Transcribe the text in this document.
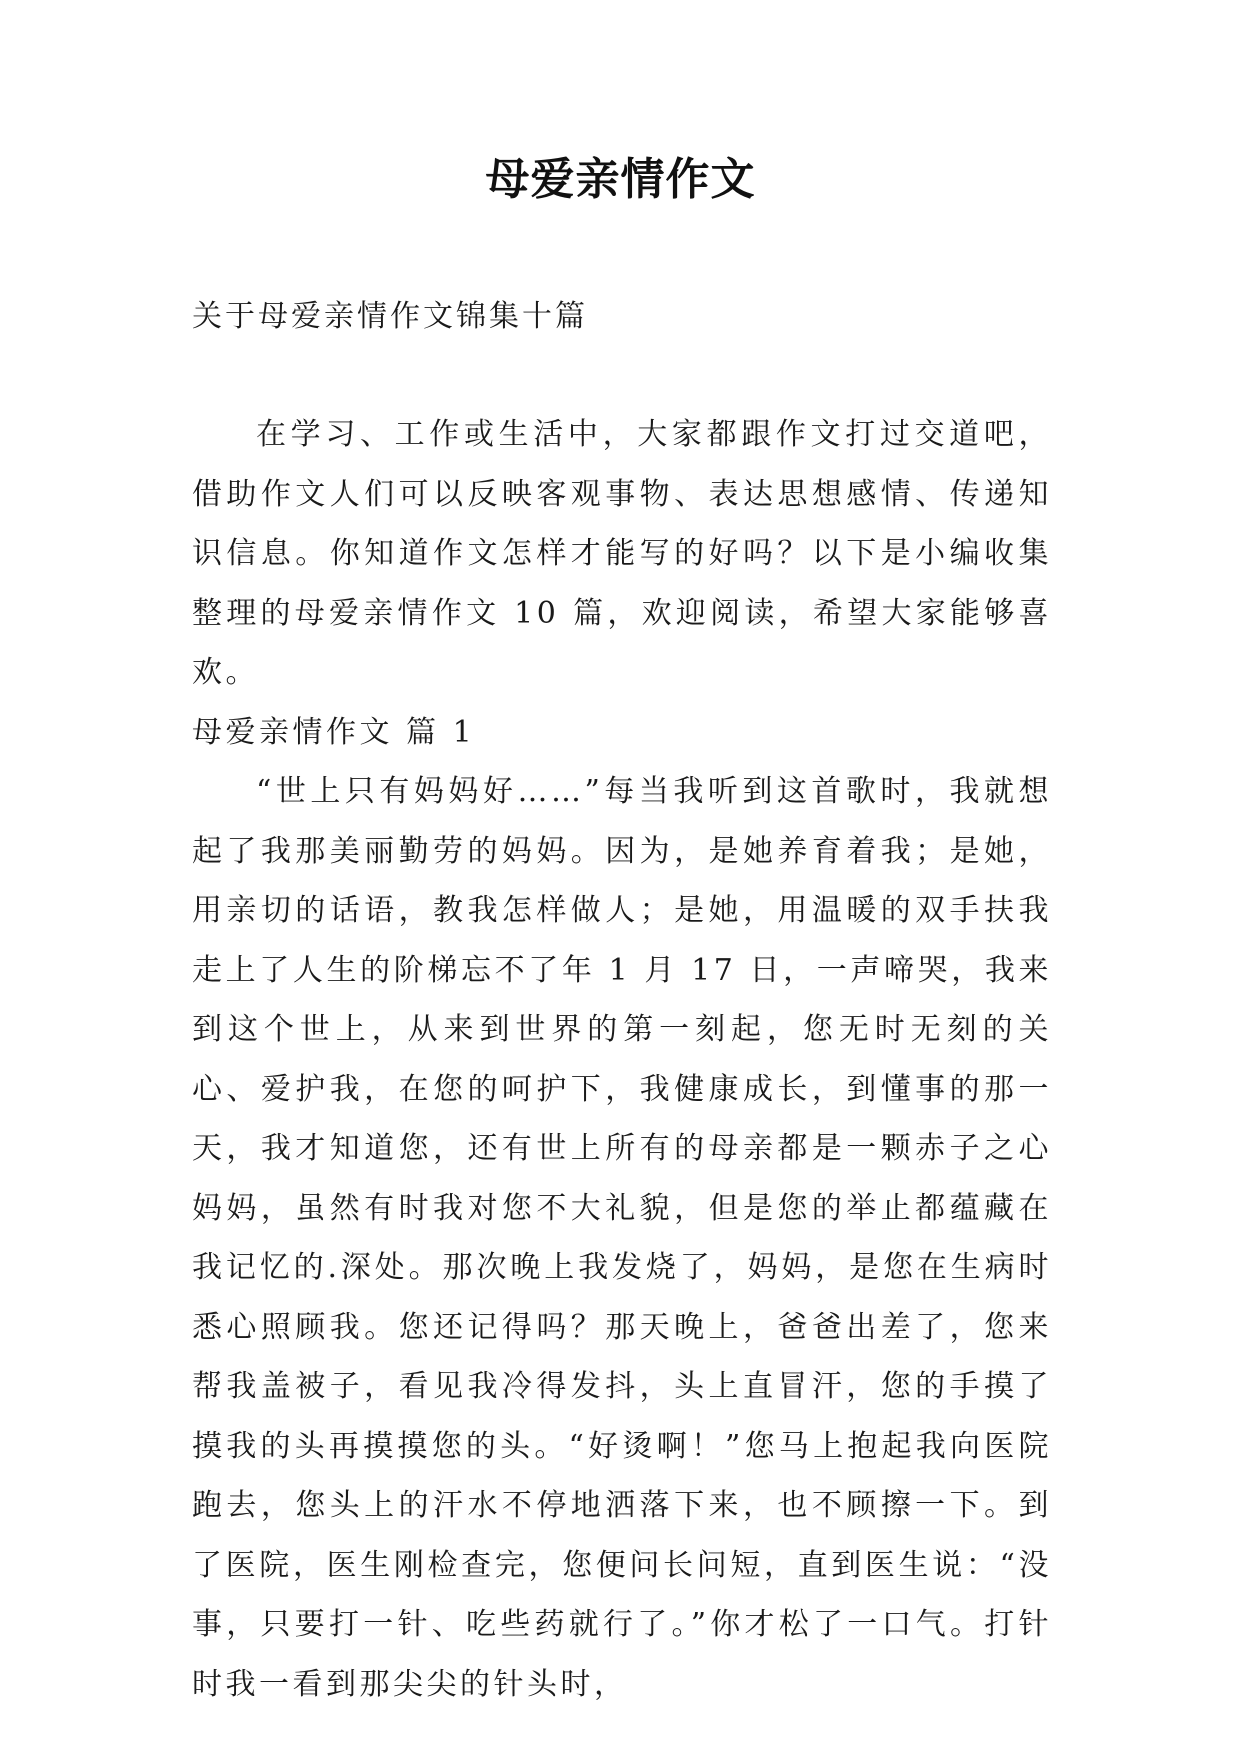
母爱亲情作文
关于母爱亲情作文锦集十篇

在学习、工作或生活中，大家都跟作文打过交道吧，借助作文人们可以反映客观事物、表达思想感情、传递知识信息。你知道作文怎样才能写的好吗？以下是小编收集整理的母爱亲情作文 10 篇，欢迎阅读，希望大家能够喜欢。

母爱亲情作文 篇 1

“世上只有妈妈好……”每当我听到这首歌时，我就想起了我那美丽勤劳的妈妈。因为，是她养育着我；是她，用亲切的话语，教我怎样做人；是她，用温暖的双手扶我走上了人生的阶梯忘不了年 1 月 17 日，一声啼哭，我来到这个世上，从来到世界的第一刻起，您无时无刻的关心、爱护我，在您的呵护下，我健康成长，到懂事的那一天，我才知道您，还有世上所有的母亲都是一颗赤子之心妈妈，虽然有时我对您不大礼貌，但是您的举止都蕴藏在我记忆的.深处。那次晚上我发烧了，妈妈，是您在生病时悉心照顾我。您还记得吗？那天晚上，爸爸出差了，您来帮我盖被子，看见我冷得发抖，头上直冒汗，您的手摸了摸我的头再摸摸您的头。“好烫啊！”您马上抱起我向医院跑去，您头上的汗水不停地洒落下来，也不顾擦一下。到了医院，医生刚检查完，您便问长问短，直到医生说：“没事，只要打一针、吃些药就行了。”你才松了一口气。打针时我一看到那尖尖的针头时，
